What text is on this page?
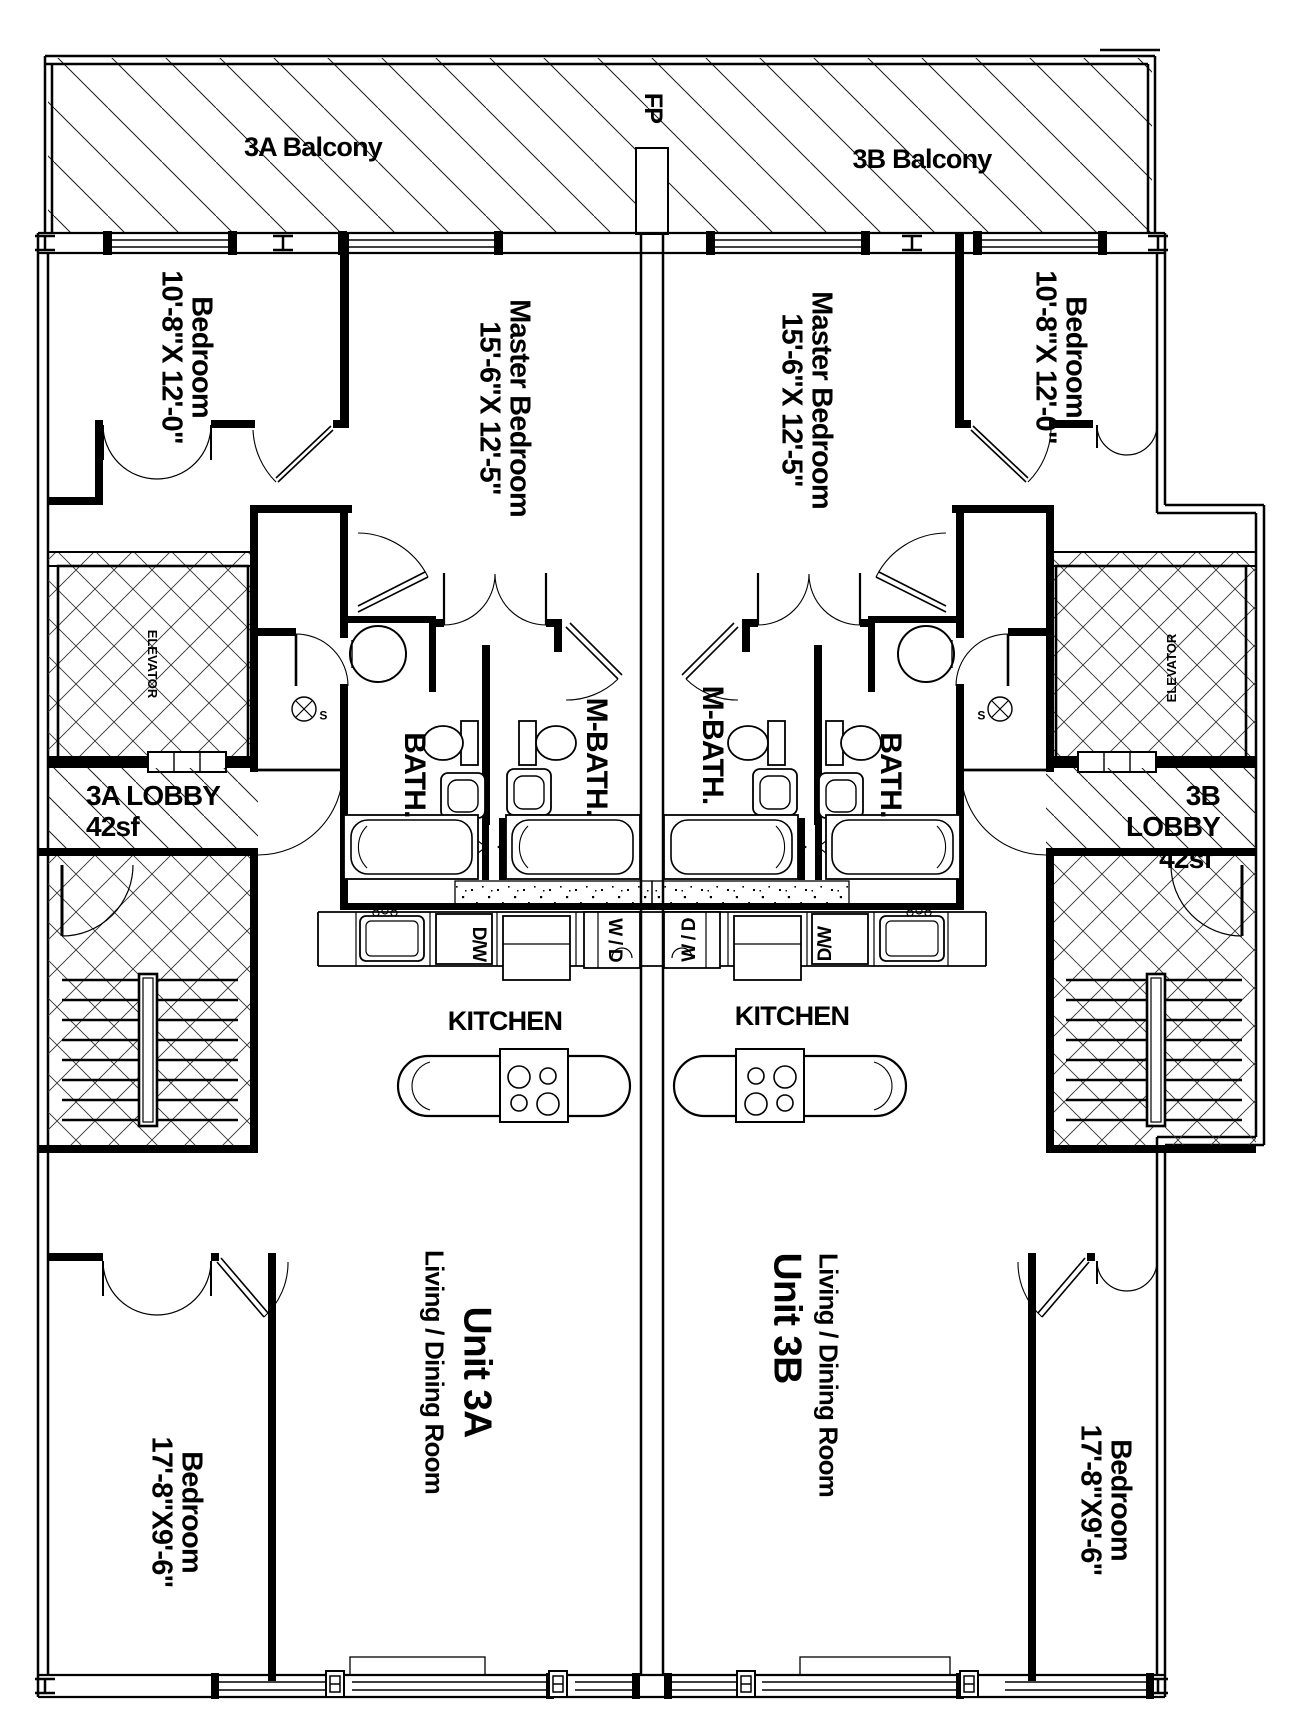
3A Balcony	3B Balcony
FP
Bedroom
10'-8"X 12'-0"	Master Bedroom
15'-6"X 12'-5"	Master Bedroom
15'-6"X 12'-5"	Bedroom
10'-8"X 12'-0"
ELEVATOR	ELEVATOR
3A LOBBY
42sf
3B LOBBY
42sf
BATH.	M-BATH.	M-BATH.	BATH.
D/W	D/W
W / D	W / D
KITCHEN	KITCHEN
Unit 3A
Living / Dining Room	Unit 3B Living / Dining Room
Bedroom
17'-8"X9'-6"	Bedroom
17'-8"X9'-6"
S	S
